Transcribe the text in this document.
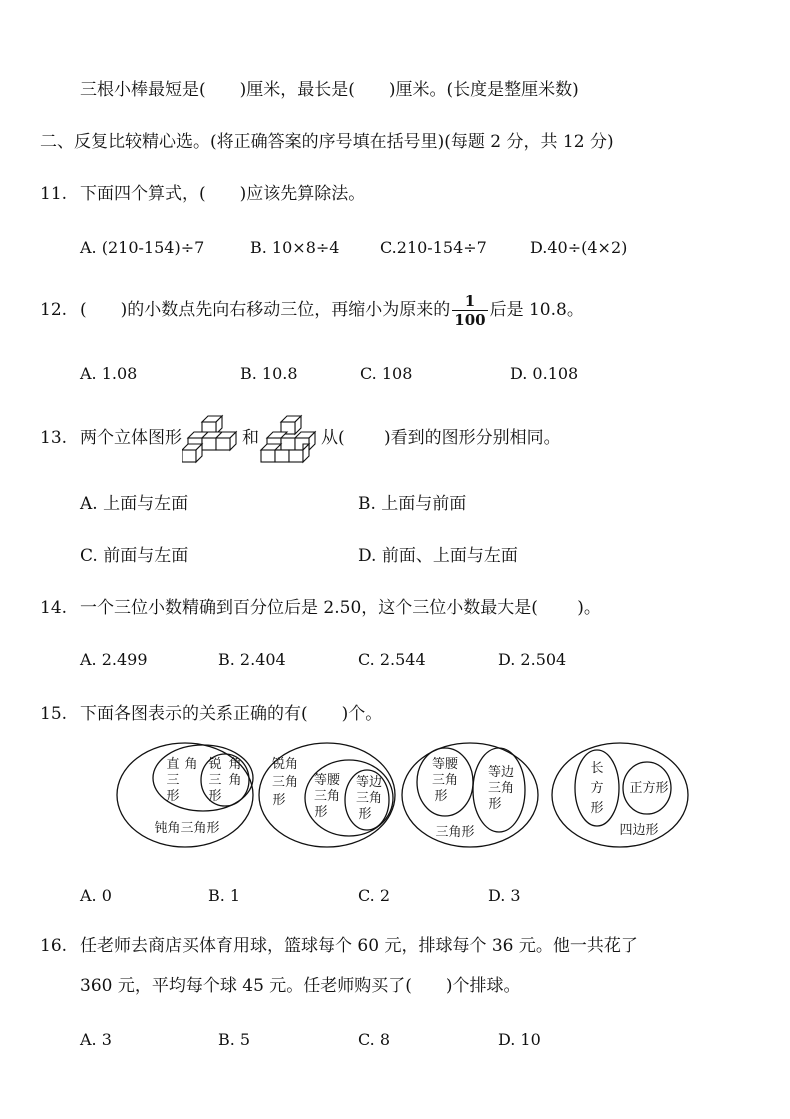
三根小棒最短是(　　)厘米，最长是(　　)厘米。(长度是整厘米数)
二、反复比较精心选。(将正确答案的序号填在括号里)(每题 2 分，共 12 分)
11. 下面四个算式，(　　)应该先算除法。
A. (210-154)÷7	B. 10×8÷4	C.210-154÷7	D.40÷(4×2)
12. (　　)的小数点先向右移动三位，再缩小为原来的 $\frac{1}{100}$ 后是 10.8。
A. 1.08	B. 10.8	C. 108	D. 0.108
13. 两个立体图形	和	从(　　 )看到的图形分别相同。
A. 上面与左面	B. 上面与前面
C. 前面与左面	D. 前面、上面与左面
14. 一个三位小数精确到百分位后是 2.50，这个三位小数最大是(　　 )。
A. 2.499	B. 2.404	C. 2.544	D. 2.504
15. 下面各图表示的关系正确的有(　　)个。
直 角
三
形
锐
三
形
角
角
钝角三角形
锐角
三角
形
等腰
三角
形
等边
三角
形
等腰
三角
形
等边
三角
形
三角形
长
方
形
正方形
四边形
A. 0	B. 1	C. 2	D. 3
16. 任老师去商店买体育用球，篮球每个 60 元，排球每个 36 元。他一共花了
360 元，平均每个球 45 元。任老师购买了(　　)个排球。
A. 3	B. 5	C. 8	D. 10
